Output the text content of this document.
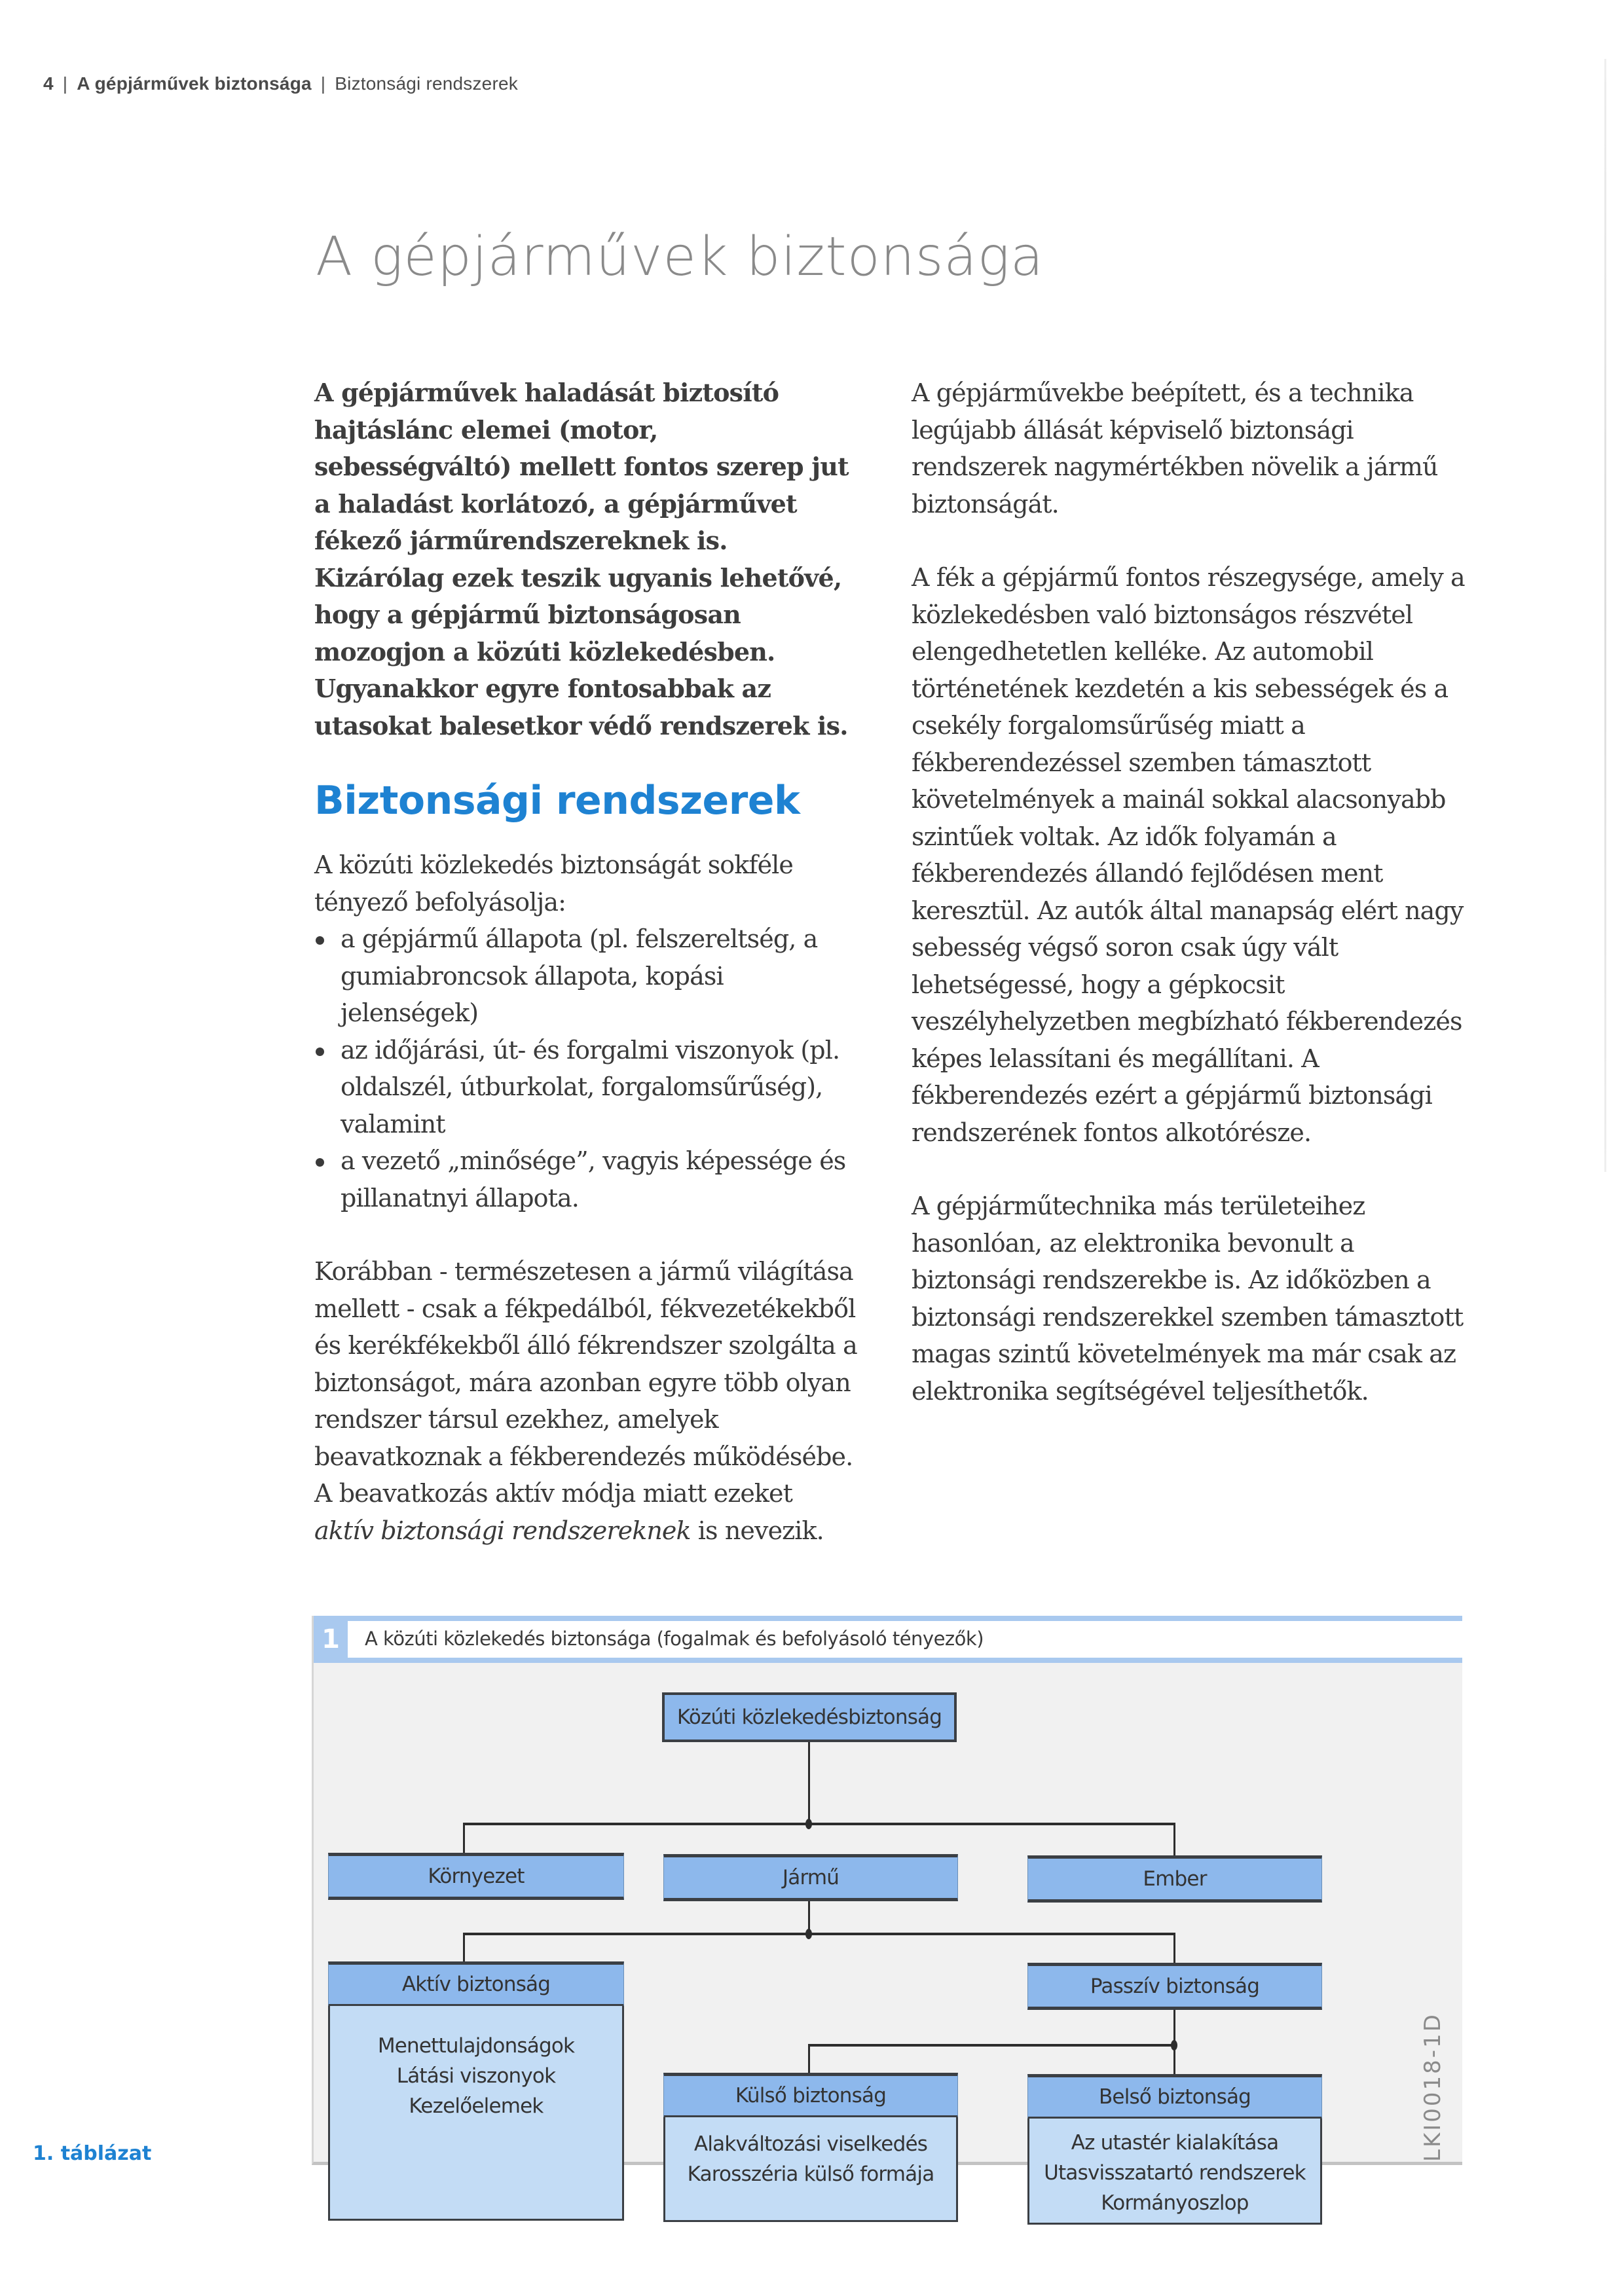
4 | A gépjárművek biztonsága | Biztonsági rendszerek
A gépjárművek biztonsága

A gépjárművek haladását biztosító hajtáslánc elemei (motor, sebességváltó) mellett fontos szerep jut a haladást korlátozó, a gépjárművet fékező járműrendszereknek is. Kizárólag ezek teszik ugyanis lehetővé, hogy a gépjármű biztonságosan mozogjon a közúti közlekedésben. Ugyanakkor egyre fontosabbak az utasokat balesetkor védő rendszerek is.

Biztonsági rendszerek

A közúti közlekedés biztonságát sokféle tényező befolyásolja:

a gépjármű állapota (pl. felszereltség, a gumiabroncsok állapota, kopási jelenségek)
az időjárási, út- és forgalmi viszonyok (pl. oldalszél, útburkolat, forgalomsűrűség), valamint
a vezető „minősége”, vagyis képessége és pillanatnyi állapota.

Korábban - természetesen a jármű világítása mellett - csak a fékpedálból, fékvezetékekből és kerékfékekből álló fékrendszer szolgálta a biztonságot, mára azonban egyre több olyan rendszer társul ezekhez, amelyek beavatkoznak a fékberendezés működésébe. A beavatkozás aktív módja miatt ezeket aktív biztonsági rendszereknek is nevezik.

A gépjárművekbe beépített, és a technika legújabb állását képviselő biztonsági rendszerek nagymértékben növelik a jármű biztonságát.

A fék a gépjármű fontos részegysége, amely a közlekedésben való biztonságos részvétel elengedhetetlen kelléke. Az automobil történetének kezdetén a kis sebességek és a csekély forgalomsűrűség miatt a fékberendezéssel szemben támasztott követelmények a mainál sokkal alacsonyabb szintűek voltak. Az idők folyamán a fékberendezés állandó fejlődésen ment keresztül. Az autók által manapság elért nagy sebesség végső soron csak úgy vált lehetségessé, hogy a gépkocsit veszélyhelyzetben megbízható fékberendezés képes lelassítani és megállítani. A fékberendezés ezért a gépjármű biztonsági rendszerének fontos alkotórésze.

A gépjárműtechnika más területeihez hasonlóan, az elektronika bevonult a biztonsági rendszerekbe is. Az időközben a biztonsági rendszerekkel szemben támasztott magas szintű követelmények ma már csak az elektronika segítségével teljesíthetők.

1. táblázat
1	A közúti közlekedés biztonsága (fogalmak és befolyásoló tényezők)
Közúti közlekedésbiztonság
Környezet	Jármű	Ember
Aktív biztonság
Menettulajdonságok
Látási viszonyok
Kezelőelemek
Passzív biztonság
Külső biztonság
Alakváltozási viselkedés
Karosszéria külső formája
Belső biztonság
Az utastér kialakítása
Utasvisszatartó rendszerek
Kormányoszlop
LKI0018-1D
